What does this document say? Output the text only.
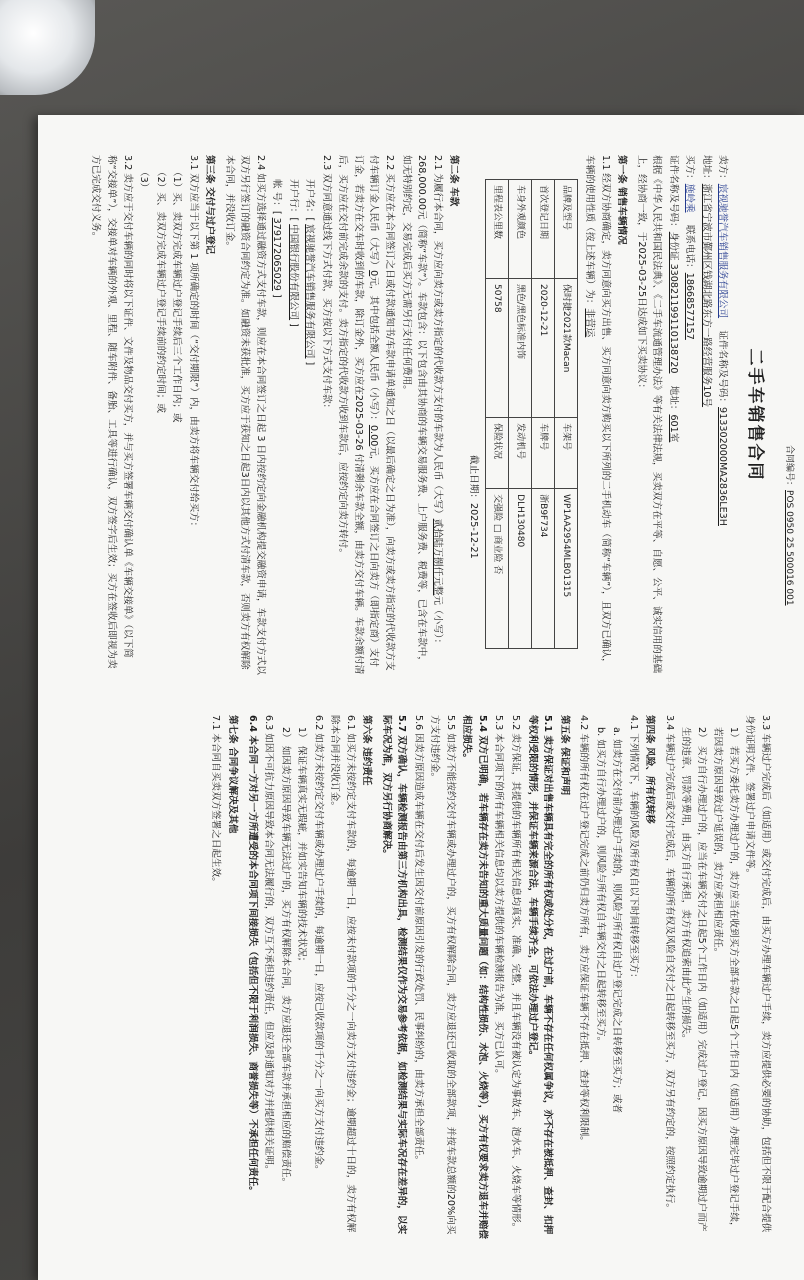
合同编号：POS 0950 25 500016 001
二手车销售合同
卖方：宸视驰誉汽车销售服务有限公司    证件名称及号码：913302000MA2836LE3H
地址：浙江省宁波市鄞州区钱湖北路东方一路经营服务10号
买方：施岭乘    联系电话：18668577157
证件名称及号码：身份证 330821199110138720    地址：601室
根据《中华人民共和国民法典》、《二手车流通管理办法》等有关法律法规，买卖双方在平等、自愿、公平、诚实信用的基础上，经协商一致，于2025-03-25日达成如下买卖协议：
第一条 销售车辆情况
1.1 经双方协商确定，卖方同意向买方出售、买方同意向卖方购买以下所列的二手机动车（简称“车辆”），且双方已确认，车辆的使用性质（按上述车辆）为：非营运
品牌及型号	保时捷2021款Macan	车架号	WP1AA2954MLB01315
首次登记日期	2020-12-21	车牌号	浙B9F734
车身外观颜色	黑色/黑色标准内饰	发动机号	DLH130480
里程表公里数	50758	保险状况	交强险 □ 商业险 否
截止日期：2025-12-21
第二条 车款
2.1 为履行本合同，买方应向卖方或卖方指定的代收款方支付的车款为人民币（大写）贰拾陆万捌仟元整元（小写）：268,000.00元（简称“车款”）。车款包含：以下包含由其协商的车辆交易服务费、上户服务费、税费等，已含在车款中，如无特别约定，交易完成后买方无需另行支付任何费用。
2.2 买方应在本合同签订之日或付款通知书/车款申请单通知之日（以最后确定之日为准），向卖方或卖方指定的代收款方支付车辆订金人民币（大写）0元，其中包括全额人民币（小写）：0.00元，买方应在合同签订之日向卖方（即指定商）支付订金，若卖方在交车时收到的车款，除订金外，买方应在2025-03-26 付清剩余车款全额，由卖方交付车辆。车款余额付清后，买方应在交付前完成余款的支付。卖方指定的代收款方收到车款后，应按约定向卖方转付。
2.3 双方同意通过线下方式付款，买方按以下方式支付车款：
开户名：[ 宸视驰誉汽车销售服务有限公司 ]
开户行：[ 中国银行股份有限公司 ]
帐 号：[ 379172065029 ]
2.4 如买方选择通过融资方式支付车款，则应在本合同签订之日起 3 日内按约定向金融机构提交融资申请，车款支付方式以双方另行签订的融资合同约定为准。如融资未获批准，买方应于获知之日起3日内以其他方式付清车款，否则卖方有权解除本合同，并没收订金。
第三条 交付与过户登记
3.1 双方应当于以下第 1 项所确定的时间（“交付期限”）内，由卖方将车辆交付给买方：
（1）买、卖双方完成车辆过户登记手续后三个工作日内；或
（2）买、卖双方完成车辆过户登记手续前的约定时间；或
（3）
3.2 卖方应于交付车辆的同时将以下证件、文件及物品交付买方，并与买方签署车辆交付确认单《车辆交接单》（以下简称“交接单”），交接单对车辆的外观、里程、随车附件、备胎、工具等进行确认，双方签字后生效；买方在签收后即视为卖方已完成交付义务。
3.3 车辆过户完成后（如适用）或交付完成后，由买方办理车辆过户手续，卖方应提供必要的协助，包括但不限于配合提供身份证明文件、签署过户申请文件等。
1） 若买方委托卖方办理过户的，卖方应当在收到买方全部车款之日起5个工作日内（如适用）办理完毕过户登记手续，若因卖方原因导致过户延误的，卖方应承担相应责任。
2） 买方自行办理过户的，应当在车辆交付之日起5个工作日内（如适用）完成过户登记，因买方原因导致逾期过户而产生的违章、罚款等费用，由买方自行承担，卖方有权追索由此产生的损失。
3.4 车辆过户完成后或交付完成后，车辆的所有权及风险自交付之日起转移至买方，双方另有约定的，按照约定执行。
第四条 风险、所有权转移
4.1 下列情况下，车辆的风险及所有权自以下时间转移至买方：
a. 如卖方在交付前办理过户手续的，则风险与所有权自过户登记完成之日转移至买方；或者
b. 如买方自行办理过户的，则风险与所有权自车辆交付之日起转移至买方。
4.2 车辆的所有权在过户登记完成之前仍归卖方所有，卖方应保证车辆不存在抵押、查封等权利限制。
第五条 保证和声明
5.1 卖方保证对出售车辆具有完全的所有权或处分权，在过户前，车辆不存在任何权属争议，亦不存在被抵押、查封、扣押等权利受限的情形，并保证车辆来源合法，车辆手续齐全，可依法办理过户登记。
5.2 卖方保证，其提供的车辆所有相关信息均真实、准确、完整，并且车辆没有被认定为事故车、泡水车、火烧车等情形。
5.3 本合同项下的所有车辆相关信息均以卖方提供的车辆检测报告为准，买方已认可。
5.4 双方已明确，若车辆存在卖方未告知的重大质量问题（如：结构性损伤、水泡、火烧等），买方有权要求卖方退车并赔偿相应损失。
5.5 如卖方不能按约交付车辆或办理过户的，买方有权解除合同，卖方应退还已收取的全部款项，并按车款总额的20%向买方支付违约金。
5.6 因卖方原因造成车辆在交付后发生因交付前原因引发的行政处罚、民事纠纷的，由卖方承担全部责任。
5.7 双方确认，车辆检测报告由第三方机构出具，检测结果仅作为交易参考依据，如检测结果与实际车况存在差异的，以实际车况为准，双方另行协商解决。
第六条 违约责任
6.1 如买方未按约定支付车款的，每逾期一日，应按未付款项的千分之一向卖方支付违约金；逾期超过十日的，卖方有权解除本合同并没收订金。
6.2 如卖方未按约定交付车辆或办理过户手续的，每逾期一日，应按已收款项的千分之一向买方支付违约金。
1） 保证车辆真实无瑕疵，并如实告知车辆的技术状况；
2） 如因卖方原因导致车辆无法过户的，买方有权解除本合同，卖方应退还全部车款并承担相应的赔偿责任。
6.3 如因不可抗力原因导致本合同无法履行的，双方互不承担违约责任，但应及时通知对方并提供相关证明。
6.4 本合同一方对另一方所遭受的本合同项下间接损失（包括但不限于利润损失、商誉损失等）不承担任何责任。
第七条 合同争议解决及其他
7.1 本合同自买卖双方签署之日起生效。
